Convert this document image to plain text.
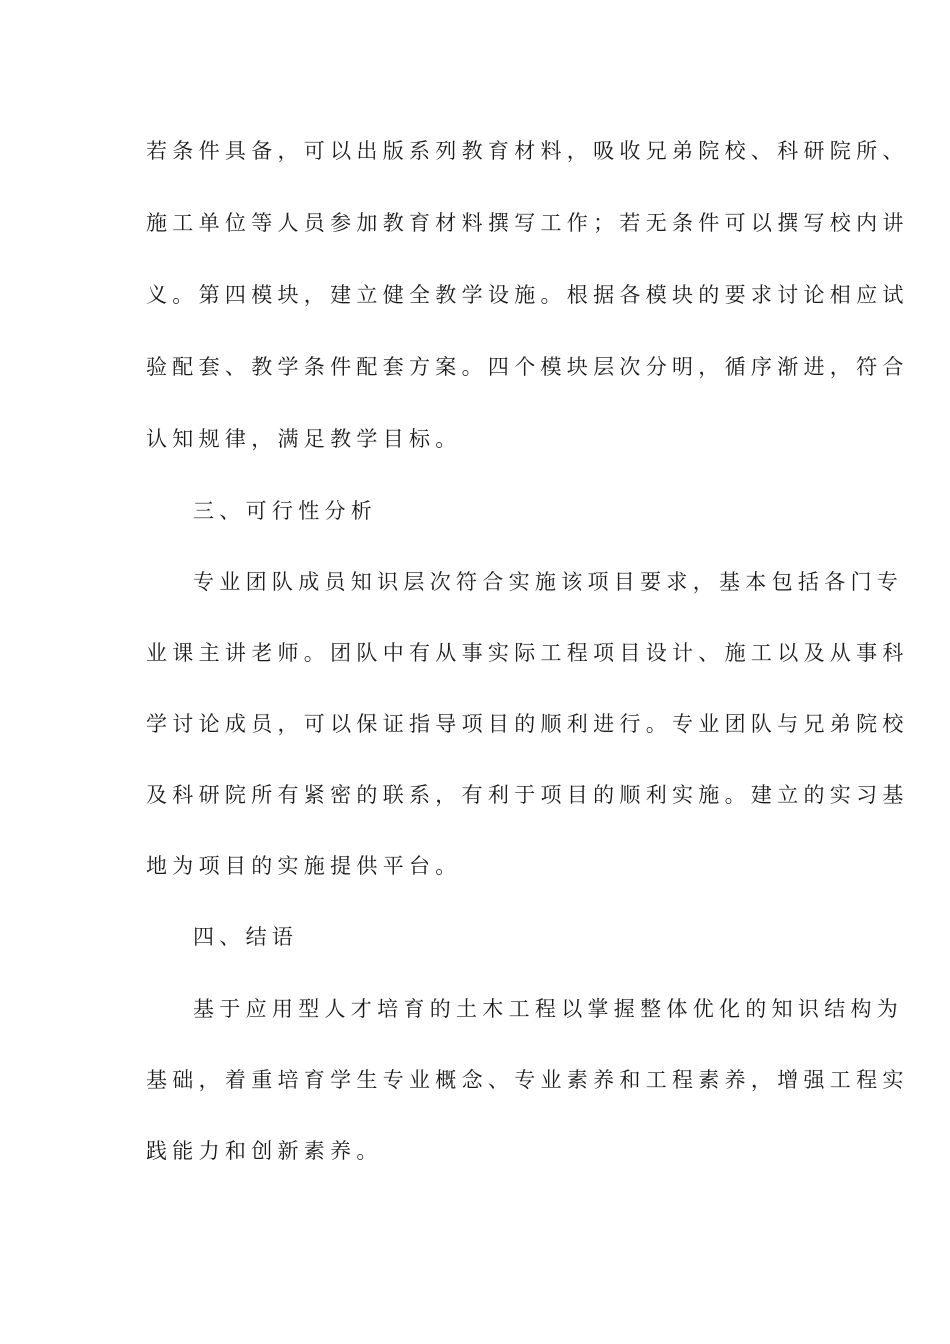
若条件具备，可以出版系列教育材料，吸收兄弟院校、科研院所、

施工单位等人员参加教育材料撰写工作；若无条件可以撰写校内讲

义。第四模块，建立健全教学设施。根据各模块的要求讨论相应试

验配套、教学条件配套方案。四个模块层次分明，循序渐进，符合

认知规律，满足教学目标。

三、可行性分析

专业团队成员知识层次符合实施该项目要求，基本包括各门专

业课主讲老师。团队中有从事实际工程项目设计、施工以及从事科

学讨论成员，可以保证指导项目的顺利进行。专业团队与兄弟院校

及科研院所有紧密的联系，有利于项目的顺利实施。建立的实习基

地为项目的实施提供平台。

四、结语

基于应用型人才培育的土木工程以掌握整体优化的知识结构为

基础，着重培育学生专业概念、专业素养和工程素养，增强工程实

践能力和创新素养。
